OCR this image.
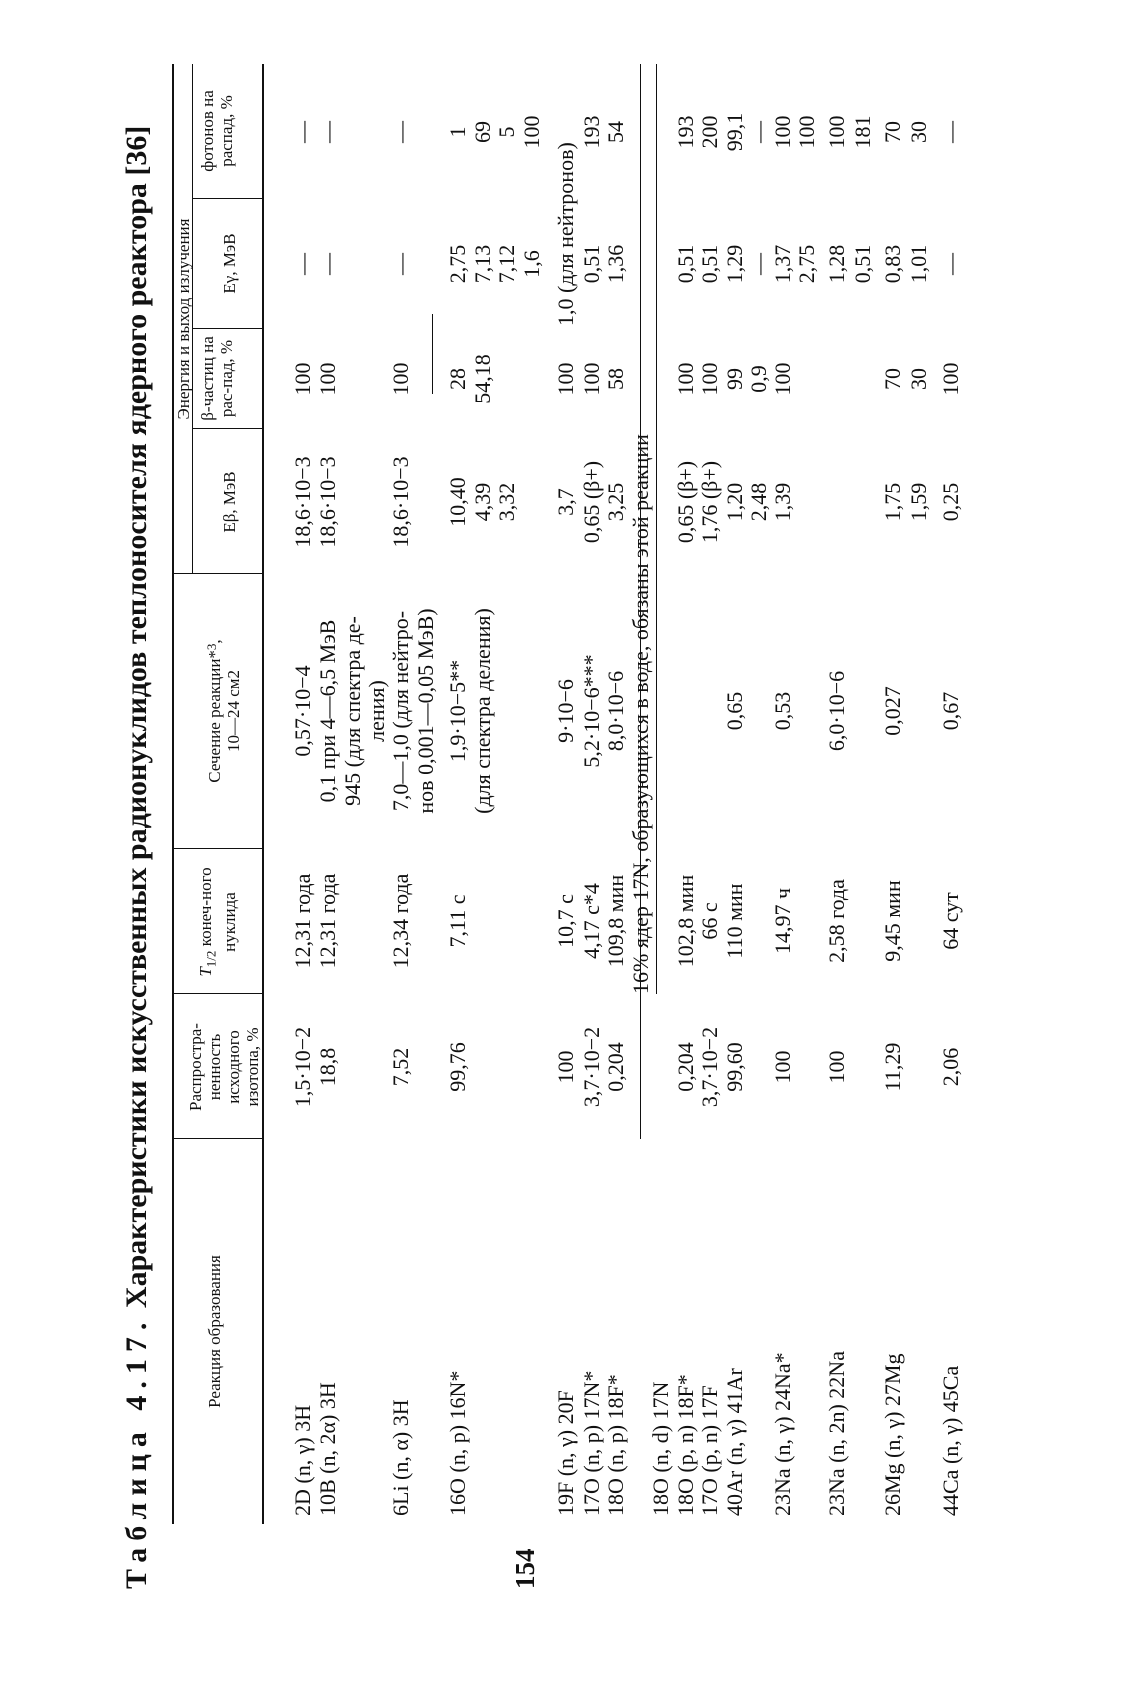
Таблица 4.17. Характеристики искусственных радионуклидов теплоносителя ядерного реактора [36]
Реакция образования
Распростра-ненность исходного изотопа, %
$T_{1/2}$ конеч-ного нуклида
Сечение реакции*$^3$,
10—24 см2
Энергия и выход излучения
Eβ, МэВ
β-частиц на рас-пад, %
Eγ, МэВ
фотонов на распад, %
16% ядер 17N, образующихся в воде, обязаны этой реакции
2D (n, γ) 3H
1,5·10−2
12,31 года
0,57·10−4
18,6·10−3
100
—
—
10B (n, 2α) 3H
18,8
12,31 года
0,1 при 4—6,5 МэВ
18,6·10−3
100
—
—
945 (для спектра де- ления)
6Li (n, α) 3H
7,52
12,34 года
7,0—1,0 (для нейтро-
18,6·10−3
100
—
—
нов 0,001—0,05 МэВ)
16O (n, p) 16N*
99,76
7,11 с
1,9·10−5**
10,40
28
2,75
1
(для спектра деления)
4,39
54,18
7,13
69
3,32
7,12
5
1,6
100
19F (n, γ) 20F
100
10,7 с
9·10−6
3,7
100
1,0 (для нейтронов)
17O (n, p) 17N*
3,7·10−2
4,17 с*4
5,2·10−6***
0,65 (β+)
100
0,51
193
18O (n, p) 18F*
0,204
109,8 мин
8,0·10−6
3,25
58
1,36
54
18O (n, d) 17N 18O (p, n) 18F*
0,204
102,8 мин
0,65 (β+)
100
0,51
193
17O (p, n) 17F
3,7·10−2
66 с
1,76 (β+)
100
0,51
200
40Ar (n, γ) 41Ar
99,60
110 мин
0,65
1,20
99
1,29
99,1
2,48
0,9
—
—
23Na (n, γ) 24Na*
100
14,97 ч
0,53
1,39
100
1,37
100
2,75
100
23Na (n, 2n) 22Na
100
2,58 года
6,0·10−6
1,28
100
0,51
181
26Mg (n, γ) 27Mg
11,29
9,45 мин
0,027
1,75
70
0,83
70
1,59
30
1,01
30
44Ca (n, γ) 45Ca
2,06
64 сут
0,67
0,25
100
—
—
154
